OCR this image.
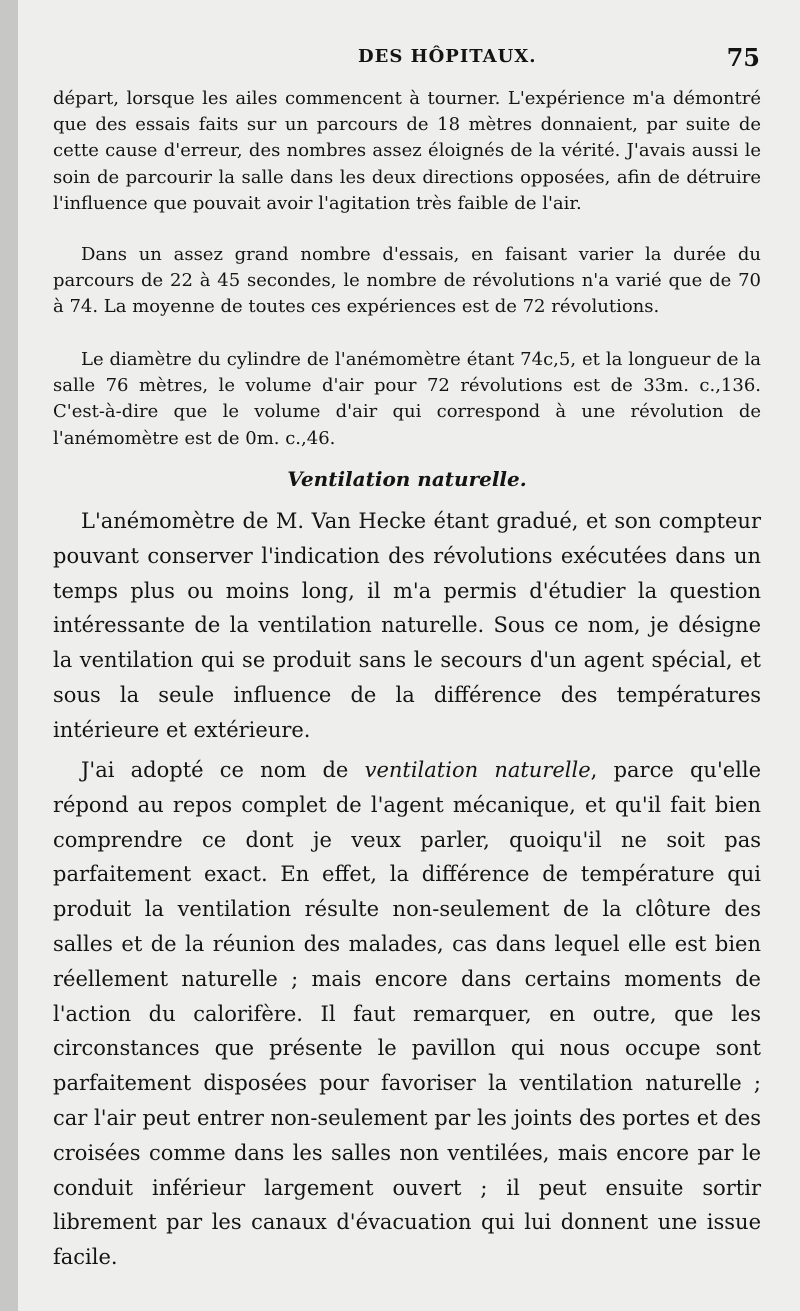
DES HÔPITAUX.	75

départ, lorsque les ailes commencent à tourner. L'expérience m'a démontré que des essais faits sur un parcours de 18 mètres donnaient, par suite de cette cause d'erreur, des nombres assez éloignés de la vérité. J'avais aussi le soin de parcourir la salle dans les deux directions opposées, afin de détruire l'influence que pouvait avoir l'agitation très faible de l'air.

Dans un assez grand nombre d'essais, en faisant varier la durée du parcours de 22 à 45 secondes, le nombre de révolutions n'a varié que de 70 à 74. La moyenne de toutes ces expériences est de 72 révolutions.

Le diamètre du cylindre de l'anémomètre étant 74c,5, et la longueur de la salle 76 mètres, le volume d'air pour 72 révolutions est de 33m. c.,136. C'est-à-dire que le volume d'air qui correspond à une révolution de l'anémomètre est de 0m. c.,46.

Ventilation naturelle.

L'anémomètre de M. Van Hecke étant gradué, et son compteur pouvant conserver l'indication des révolutions exécutées dans un temps plus ou moins long, il m'a permis d'étudier la question intéressante de la ventilation naturelle. Sous ce nom, je désigne la ventilation qui se produit sans le secours d'un agent spécial, et sous la seule influence de la différence des températures intérieure et extérieure.

J'ai adopté ce nom de ventilation naturelle, parce qu'elle répond au repos complet de l'agent mécanique, et qu'il fait bien comprendre ce dont je veux parler, quoiqu'il ne soit pas parfaitement exact. En effet, la différence de température qui produit la ventilation résulte non-seulement de la clôture des salles et de la réunion des malades, cas dans lequel elle est bien réellement naturelle ; mais encore dans certains moments de l'action du calorifère. Il faut remarquer, en outre, que les circonstances que présente le pavillon qui nous occupe sont parfaitement disposées pour favoriser la ventilation naturelle ; car l'air peut entrer non-seulement par les joints des portes et des croisées comme dans les salles non ventilées, mais encore par le conduit inférieur largement ouvert ; il peut ensuite sortir librement par les canaux d'évacuation qui lui donnent une issue facile.
